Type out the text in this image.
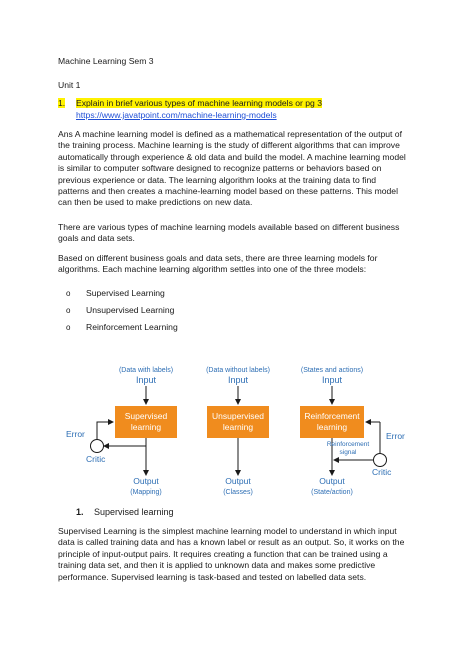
Machine Learning Sem 3
Unit 1
1. Explain in brief various types of machine learning models or pg 3
https://www.javatpoint.com/machine-learning-models

Ans A machine learning model is defined as a mathematical representation of the output of

the training process. Machine learning is the study of different algorithms that can improve

automatically through experience & old data and build the model. A machine learning model

is similar to computer software designed to recognize patterns or behaviors based on

previous experience or data. The learning algorithm looks at the training data to find

patterns and then creates a machine-learning model based on these patterns. This model

can then be used to make predictions on new data.

There are various types of machine learning models available based on different business

goals and data sets.

Based on different business goals and data sets, there are three learning models for

algorithms. Each machine learning algorithm settles into one of the three models:

o Supervised Learning
o Unsupervised Learning
o Reinforcement Learning
(Data with labels)
Input
Supervised
learning
Output
(Mapping)
Error
Critic
(Data without labels)
Input
Unsupervised
learning
Output
(Classes)
(States and actions)
Input
Reinforcement
learning
Output
(State/action)
Error
Critic
Reinforcement
signal
1. Supervised learning

Supervised Learning is the simplest machine learning model to understand in which input

data is called training data and has a known label or result as an output. So, it works on the

principle of input-output pairs. It requires creating a function that can be trained using a

training data set, and then it is applied to unknown data and makes some predictive

performance. Supervised learning is task-based and tested on labelled data sets.
